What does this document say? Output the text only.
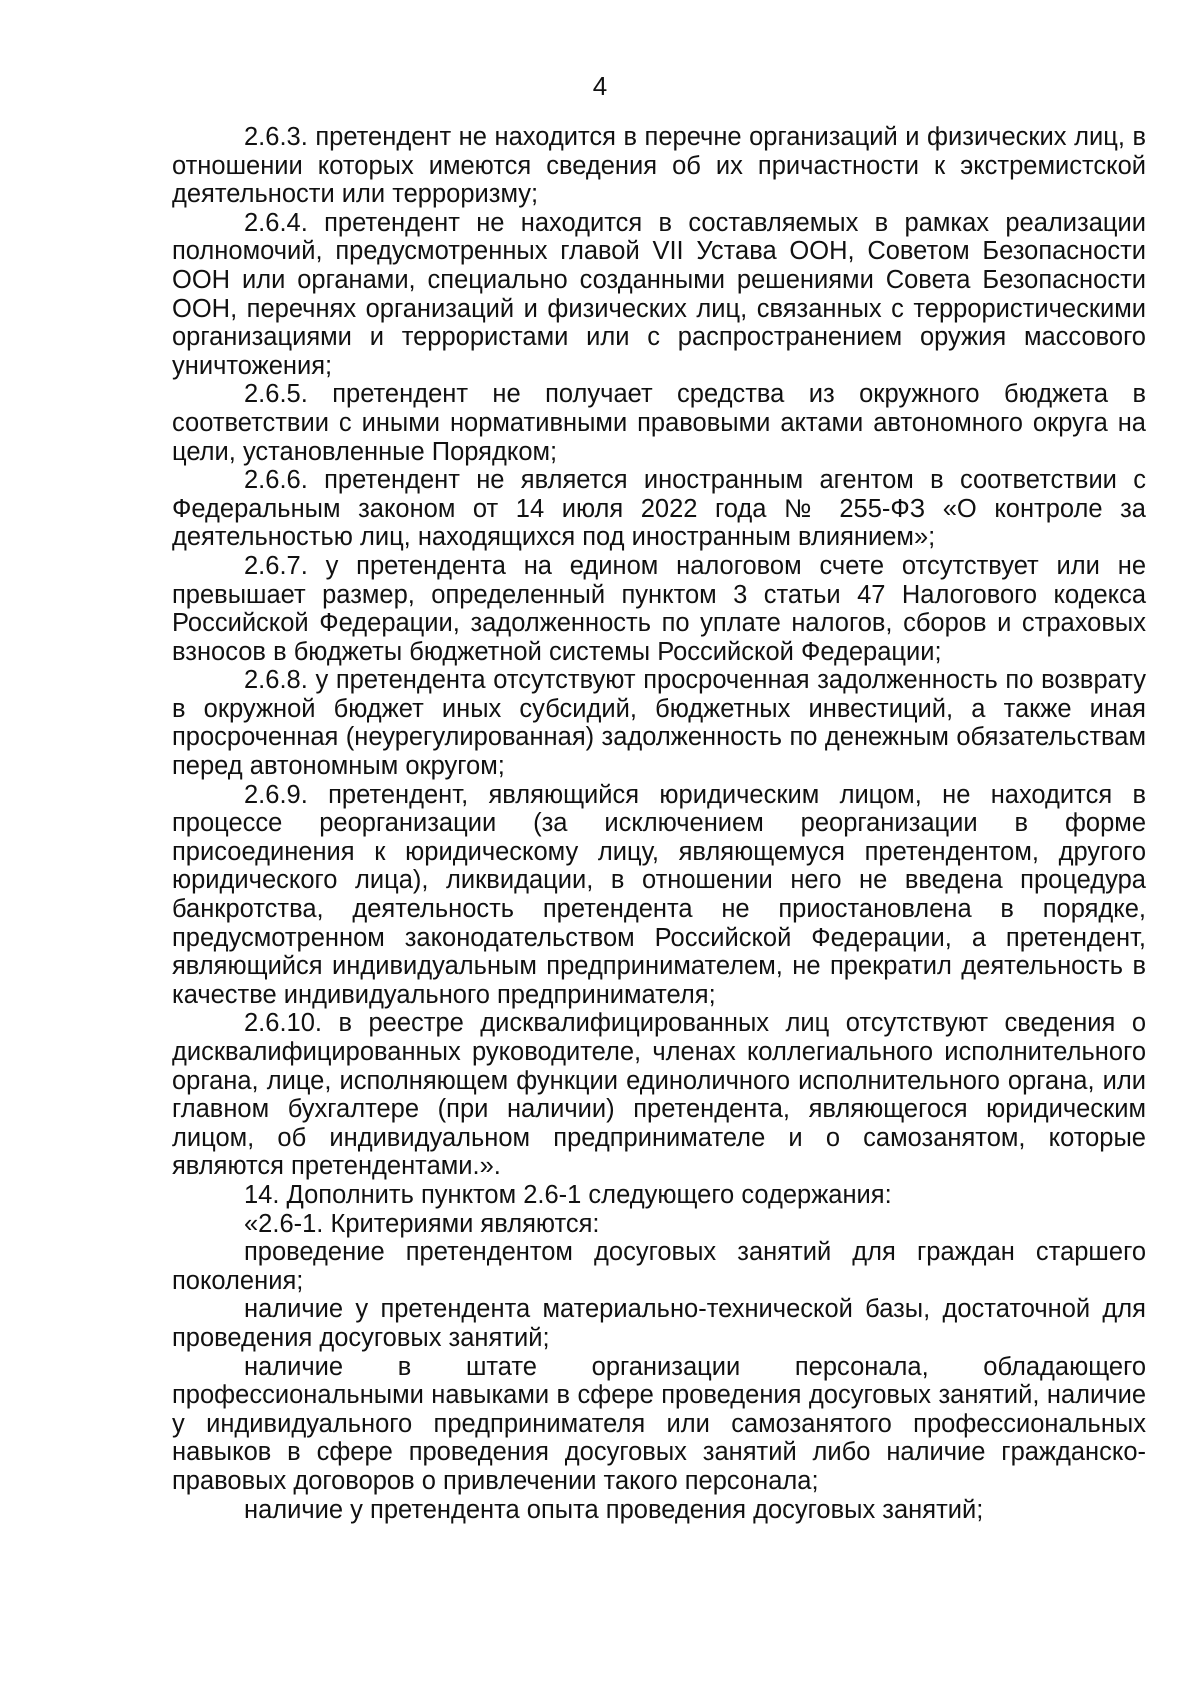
4

2.6.3. претендент не находится в перечне организаций и физических лиц, в отношении которых имеются сведения об их причастности к экстремистской деятельности или терроризму;

2.6.4. претендент не находится в составляемых в рамках реализации полномочий, предусмотренных главой VII Устава ООН, Советом Безопасности ООН или органами, специально созданными решениями Совета Безопасности ООН, перечнях организаций и физических лиц, связанных с террористическими организациями и террористами или с распространением оружия массового уничтожения;

2.6.5. претендент не получает средства из окружного бюджета в соответствии с иными нормативными правовыми актами автономного округа на цели, установленные Порядком;

2.6.6. претендент не является иностранным агентом в соответствии с Федеральным законом от 14 июля 2022 года № 255-ФЗ «О контроле за деятельностью лиц, находящихся под иностранным влиянием»;

2.6.7. у претендента на едином налоговом счете отсутствует или не превышает размер, определенный пунктом 3 статьи 47 Налогового кодекса Российской Федерации, задолженность по уплате налогов, сборов и страховых взносов в бюджеты бюджетной системы Российской Федерации;

2.6.8. у претендента отсутствуют просроченная задолженность по возврату в окружной бюджет иных субсидий, бюджетных инвестиций, а также иная просроченная (неурегулированная) задолженность по денежным обязательствам перед автономным округом;

2.6.9. претендент, являющийся юридическим лицом, не находится в процессе реорганизации (за исключением реорганизации в форме присоединения к юридическому лицу, являющемуся претендентом, другого юридического лица), ликвидации, в отношении него не введена процедура банкротства, деятельность претендента не приостановлена в порядке, предусмотренном законодательством Российской Федерации, а претендент, являющийся индивидуальным предпринимателем, не прекратил деятельность в качестве индивидуального предпринимателя;

2.6.10. в реестре дисквалифицированных лиц отсутствуют сведения о дисквалифицированных руководителе, членах коллегиального исполнительного органа, лице, исполняющем функции единоличного исполнительного органа, или главном бухгалтере (при наличии) претендента, являющегося юридическим лицом, об индивидуальном предпринимателе и о самозанятом, которые являются претендентами.».

14. Дополнить пунктом 2.6-1 следующего содержания:

«2.6-1. Критериями являются:

проведение претендентом досуговых занятий для граждан старшего поколения;

наличие у претендента материально-технической базы, достаточной для проведения досуговых занятий;

наличие в штате организации персонала, обладающего профессиональными навыками в сфере проведения досуговых занятий, наличие у индивидуального предпринимателя или самозанятого профессиональных навыков в сфере проведения досуговых занятий либо наличие гражданско-правовых договоров о привлечении такого персонала;

наличие у претендента опыта проведения досуговых занятий;
